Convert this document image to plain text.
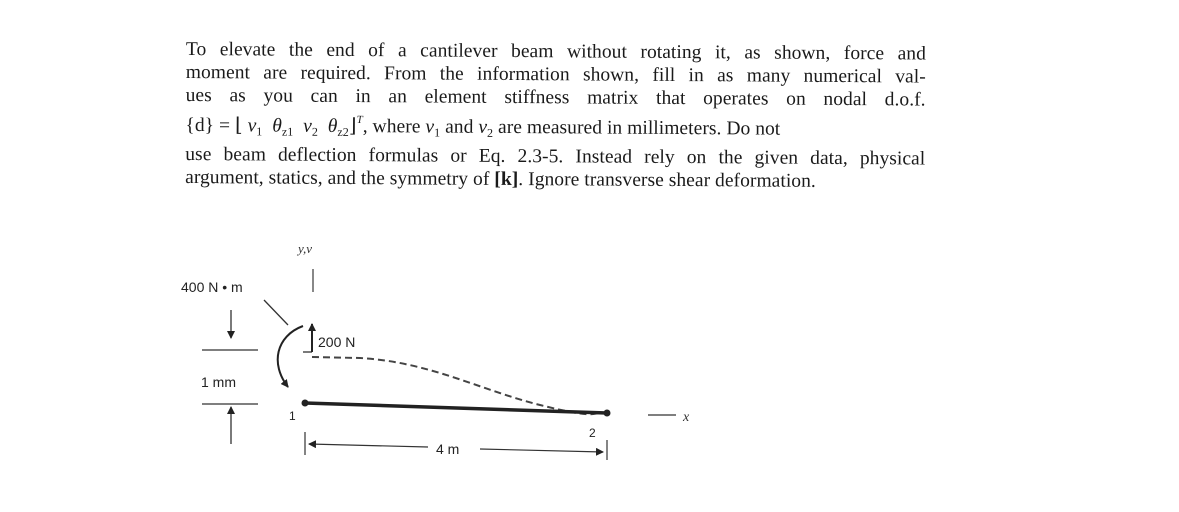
To elevate the end of a cantilever beam without rotating it, as shown, force and
moment are required. From the information shown, fill in as many numerical val-
ues as you can in an element stiffness matrix that operates on nodal d.o.f.
{d} = ⌊ $v_1$ $\theta_{z1}$ $v_2$ $\theta_{z2}⌋^T$, where $v_1$ and $v_2$ are measured in millimeters. Do not
use beam deflection formulas or Eq. 2.3-5. Instead rely on the given data, physical
argument, statics, and the symmetry of [k]. Ignore transverse shear deformation.
y,v
400 N • m
200 N
1 mm
1
2
x
4 m
